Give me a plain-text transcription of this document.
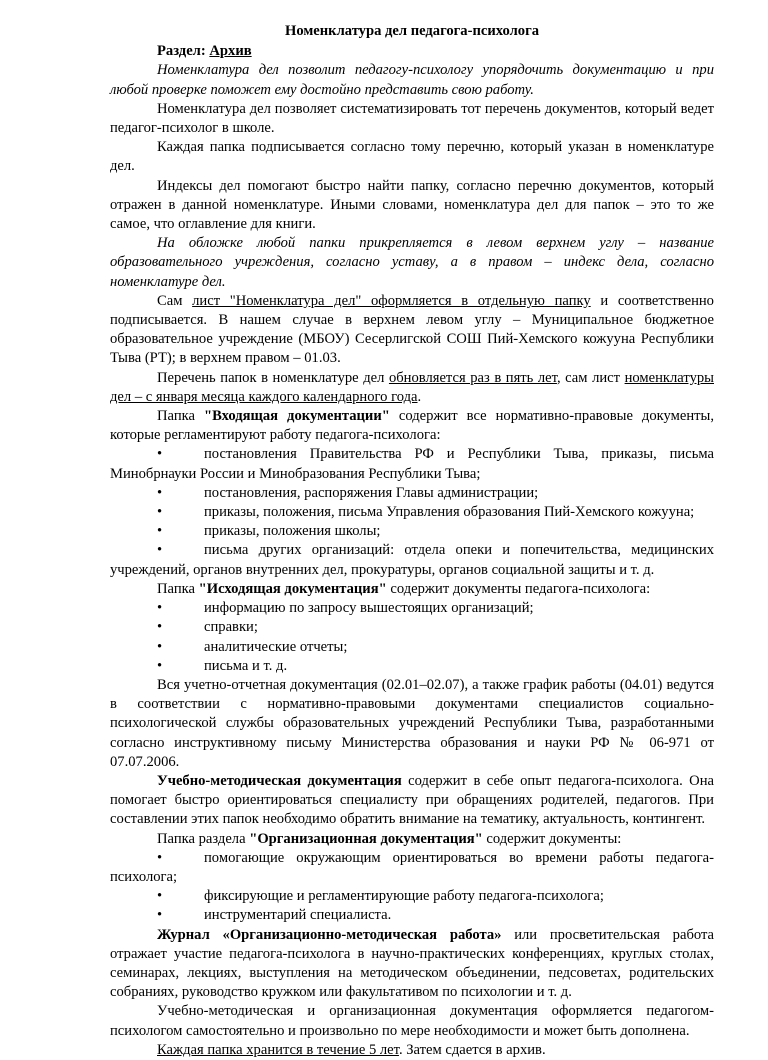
Номенклатура дел педагога-психолога

Раздел: Архив

Номенклатура дел позволит педагогу-психологу упорядочить документацию и при любой проверке поможет ему достойно представить свою работу.

Номенклатура дел позволяет систематизировать тот перечень документов, который ведет педагог-психолог в школе.

Каждая папка подписывается согласно тому перечню, который указан в номенклатуре дел.

Индексы дел помогают быстро найти папку, согласно перечню документов, который отражен в данной номенклатуре. Иными словами, номенклатура дел для папок – это то же самое, что оглавление для книги.

На обложке любой папки прикрепляется в левом верхнем углу – название образовательного учреждения, согласно уставу, а в правом – индекс дела, согласно номенклатуре дел.

Сам лист "Номенклатура дел" оформляется в отдельную папку и соответственно подписывается. В нашем случае в верхнем левом углу – Муниципальное бюджетное образовательное учреждение (МБОУ) Сесерлигской СОШ Пий-Хемского кожууна Республики Тыва (РТ); в верхнем правом – 01.03.

Перечень папок в номенклатуре дел обновляется раз в пять лет, сам лист номенклатуры дел – с января месяца каждого календарного года.

Папка "Входящая документации" содержит все нормативно-правовые документы, которые регламентируют работу педагога-психолога:

•	постановления Правительства РФ и Республики Тыва, приказы, письма Минобрнауки России и Минобразования Республики Тыва;

•	постановления, распоряжения Главы администрации;

•	приказы, положения, письма Управления образования Пий-Хемского кожууна;

•	приказы, положения школы;

•	письма других организаций: отдела опеки и попечительства, медицинских учреждений, органов внутренних дел, прокуратуры, органов социальной защиты и т. д.

Папка "Исходящая документация" содержит документы педагога-психолога:

•	информацию по запросу вышестоящих организаций;

•	справки;

•	аналитические отчеты;

•	письма и т. д.

Вся учетно-отчетная документация (02.01–02.07), а также график работы (04.01) ведутся в соответствии с нормативно-правовыми документами специалистов социально-психологической службы образовательных учреждений Республики Тыва, разработанными согласно инструктивному письму Министерства образования и науки РФ № 06-971 от 07.07.2006.

Учебно-методическая документация содержит в себе опыт педагога-психолога. Она помогает быстро ориентироваться специалисту при обращениях родителей, педагогов. При составлении этих папок необходимо обратить внимание на тематику, актуальность, контингент.

Папка раздела "Организационная документация" содержит документы:

•	помогающие окружающим ориентироваться во времени работы педагога-психолога;

•	фиксирующие и регламентирующие работу педагога-психолога;

•	инструментарий специалиста.

Журнал «Организационно-методическая работа» или просветительская работа отражает участие педагога-психолога в научно-практических конференциях, круглых столах, семинарах, лекциях, выступления на методическом объединении, педсоветах, родительских собраниях, руководство кружком или факультативом по психологии и т. д.

Учебно-методическая и организационная документация оформляется педагогом-психологом самостоятельно и произвольно по мере необходимости и может быть дополнена.

Каждая папка хранится в течение 5 лет. Затем сдается в архив.
